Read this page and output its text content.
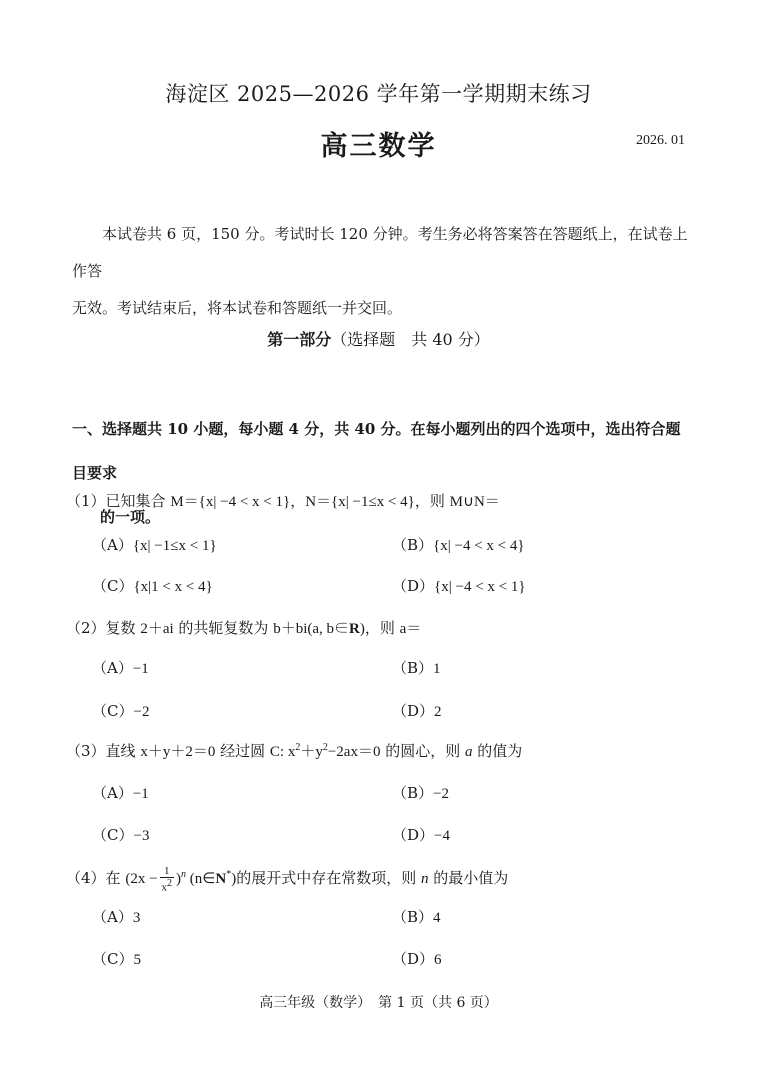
海淀区 2025—2026 学年第一学期期末练习
高三数学	2026. 01

本试卷共 6 页，150 分。考试时长 120 分钟。考生务必将答案答在答题纸上，在试卷上作答

无效。考试结束后，将本试卷和答题纸一并交回。

第一部分（选择题　共 40 分）
一、选择题共 10 小题，每小题 4 分，共 40 分。在每小题列出的四个选项中，选出符合题目要求
的一项。
（1）已知集合 M＝{x| −4 < x < 1}，N＝{x| −1≤x < 4}，则 M∪N＝
（A）{x| −1≤x < 1}	（B）{x| −4 < x < 4}
（C）{x|1 < x < 4}	（D）{x| −4 < x < 1}
（2）复数 2＋ai 的共轭复数为 b＋bi(a, b∈R)，则 a＝
（A）−1	（B）1
（C）−2	（D）2
（3）直线 x＋y＋2＝0 经过圆 C: $x^2+y^2-2ax=0$ 的圆心，则 a 的值为
（A）−1	（B）−2
（C）−3	（D）−4
（4）在 $(2x - \frac{1}{x^2} )^n$ (n∈N*)的展开式中存在常数项，则 n 的最小值为
（A）3	（B）4
（C）5	（D）6
高三年级（数学）　第 1 页（共 6 页）
